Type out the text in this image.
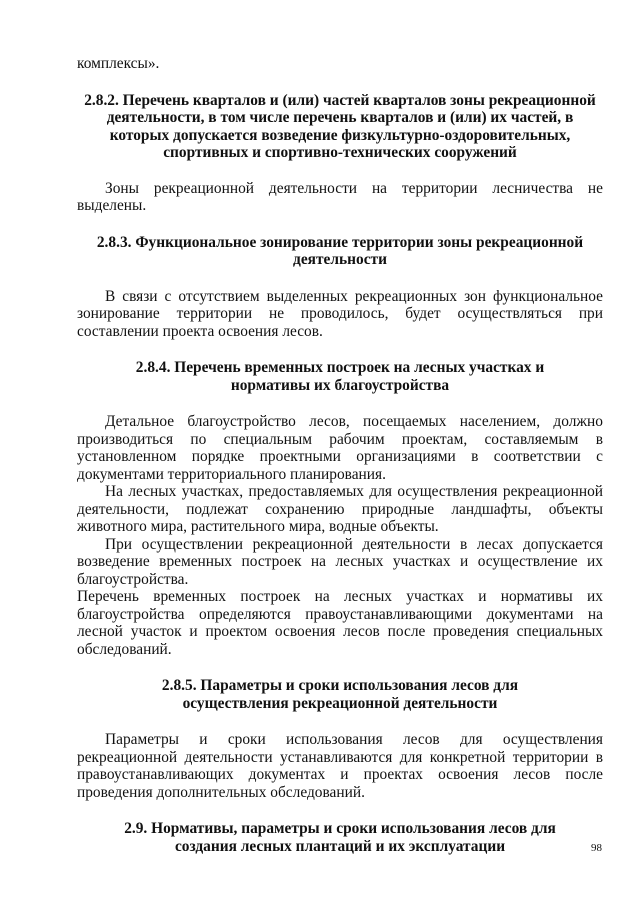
комплексы».

2.8.2. Перечень кварталов и (или) частей кварталов зоны рекреационной деятельности, в том числе перечень кварталов и (или) их частей, в которых допускается возведение физкультурно-оздоровительных, спортивных и спортивно-технических сооружений

Зоны рекреационной деятельности на территории лесничества не выделены.

2.8.3. Функциональное зонирование территории зоны рекреационной деятельности

В связи с отсутствием выделенных рекреационных зон функциональное зонирование территории не проводилось, будет осуществляться при составлении проекта освоения лесов.

2.8.4. Перечень временных построек на лесных участках и нормативы их благоустройства

Детальное благоустройство лесов, посещаемых населением, должно производиться по специальным рабочим проектам, составляемым в установленном порядке проектными организациями в соответствии с документами территориального планирования.

На лесных участках, предоставляемых для осуществления рекреационной деятельности, подлежат сохранению природные ландшафты, объекты животного мира, растительного мира, водные объекты.

При осуществлении рекреационной деятельности в лесах допускается возведение временных построек на лесных участках и осуществление их благоустройства.

Перечень временных построек на лесных участках и нормативы их благоустройства определяются правоустанавливающими документами на лесной участок и проектом освоения лесов после проведения специальных обследований.

2.8.5. Параметры и сроки использования лесов для осуществления рекреационной деятельности

Параметры и сроки использования лесов для осуществления рекреационной деятельности устанавливаются для конкретной территории в правоустанавливающих документах и проектах освоения лесов после проведения дополнительных обследований.

2.9. Нормативы, параметры и сроки использования лесов для создания лесных плантаций и их эксплуатации	98
